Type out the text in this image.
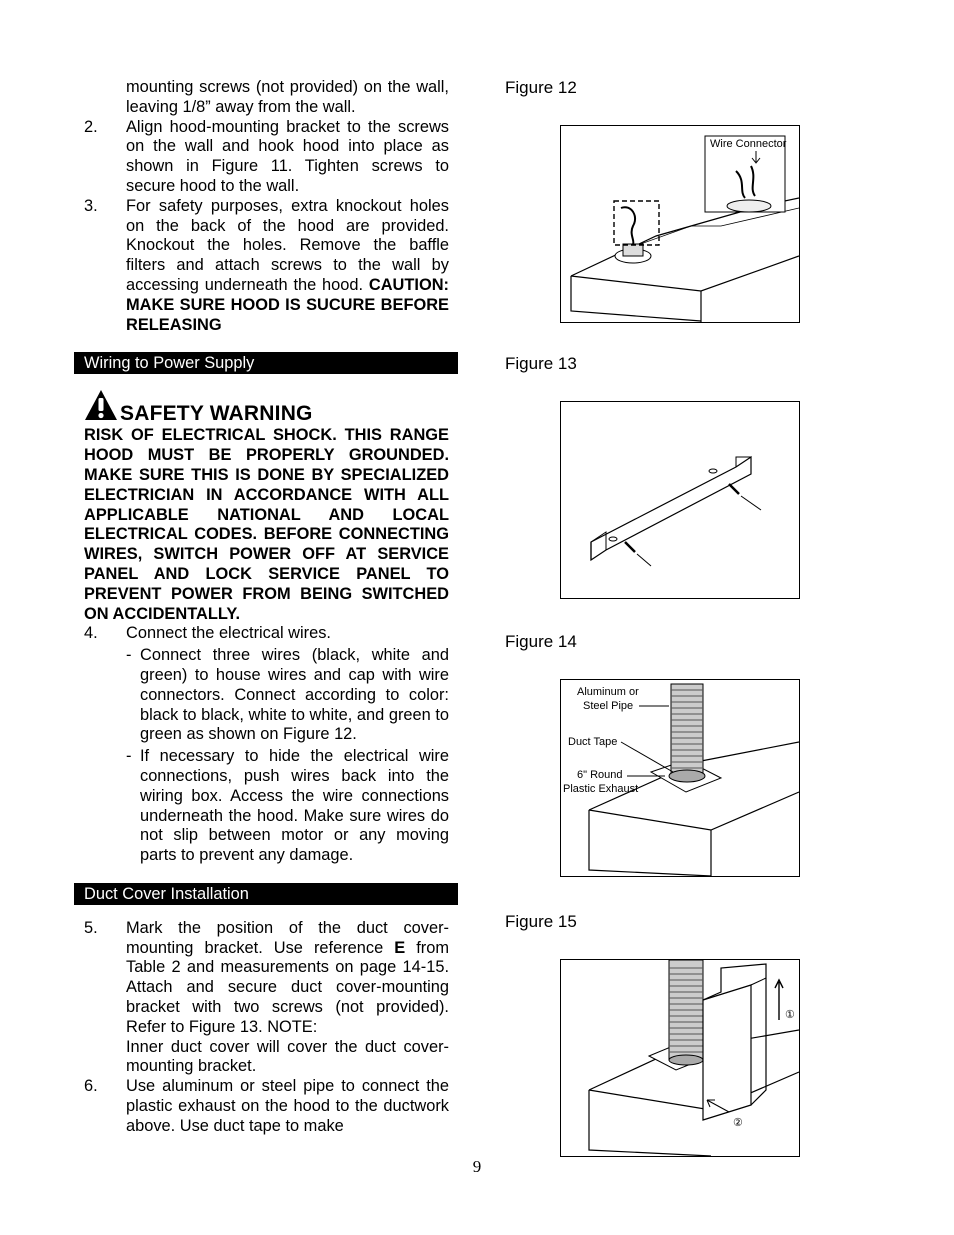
mounting screws (not provided) on the wall, leaving 1/8” away from the wall.
2.	Align hood-mounting bracket to the screws on the wall and hook hood into place as shown in Figure 11. Tighten screws to secure hood to the wall.
3.	For safety purposes, extra knockout holes on the back of the hood are provided. Knockout the holes. Remove the baffle filters and attach screws to the wall by accessing underneath the hood. CAUTION: MAKE SURE HOOD IS SUCURE BEFORE RELEASING
Wiring to Power Supply
SAFETY WARNING

RISK OF ELECTRICAL SHOCK. THIS RANGE HOOD MUST BE PROPERLY GROUNDED. MAKE SURE THIS IS DONE BY SPECIALIZED ELECTRICIAN IN ACCORDANCE WITH ALL APPLICABLE NATIONAL AND LOCAL ELECTRICAL CODES. BEFORE CONNECTING WIRES, SWITCH POWER OFF AT SERVICE PANEL AND LOCK SERVICE PANEL TO PREVENT POWER FROM BEING SWITCHED ON ACCIDENTALLY.

4.	Connect the electrical wires.
- Connect three wires (black, white and green) to house wires and cap with wire connectors. Connect according to color: black to black, white to white, and green to green as shown on Figure 12.
- If necessary to hide the electrical wire connections, push wires back into the wiring box. Access the wire connections underneath the hood. Make sure wires do not slip between motor or any moving parts to prevent any damage.
Duct Cover Installation
5.	Mark the position of the duct cover-mounting bracket. Use reference E from Table 2 and measurements on page 14-15. Attach and secure duct cover-mounting bracket with two screws (not provided). Refer to Figure 13. NOTE:
Inner duct cover will cover the duct cover-mounting bracket.
6.	Use aluminum or steel pipe to connect the plastic exhaust on the hood to the ductwork above. Use duct tape to make
Figure 12
Wire Connector
Figure 13
Figure 14
Aluminum or
Steel Pipe
Duct Tape
6" Round
Plastic Exhaust
Figure 15
①
②
9
